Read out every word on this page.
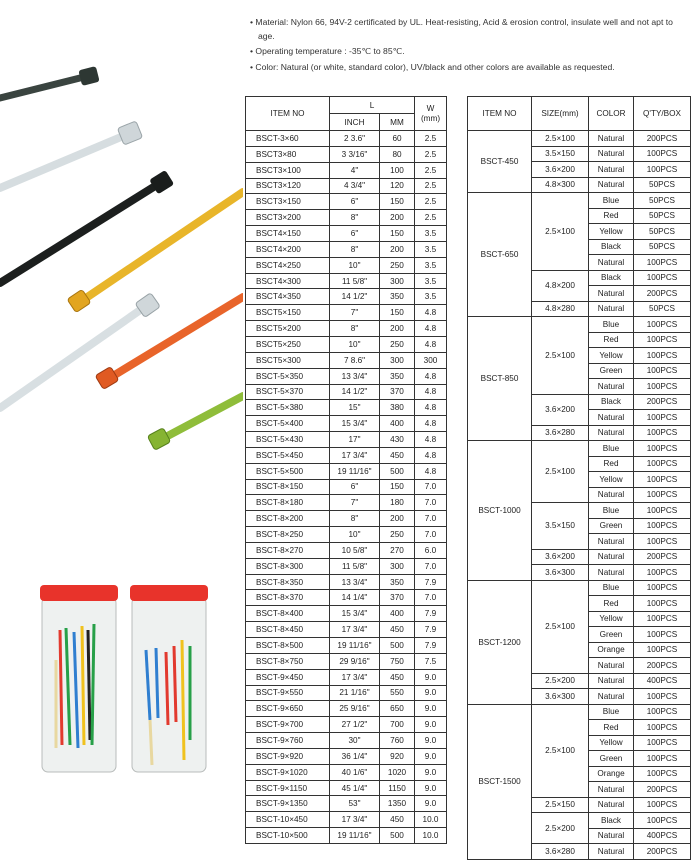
• Material: Nylon 66, 94V-2 certificated by UL. Heat-resisting, Acid & erosion control, insulate well and not apt to age.

• Operating temperature : -35℃ to 85℃.

• Color: Natural (or white, standard color), UV/black and other colors are available as requested.

ITEM NO	L		W
(mm)
	INCH	MM	
BSCT-3×60	2 3.6"	60	2.5
BSCT3×80	3 3/16"	80	2.5
BSCT3×100	4"	100	2.5
BSCT3×120	4 3/4"	120	2.5
BSCT3×150	6"	150	2.5
BSCT3×200	8"	200	2.5
BSCT4×150	6"	150	3.5
BSCT4×200	8"	200	3.5
BSCT4×250	10"	250	3.5
BSCT4×300	11 5/8"	300	3.5
BSCT4×350	14 1/2"	350	3.5
BSCT5×150	7"	150	4.8
BSCT5×200	8"	200	4.8
BSCT5×250	10"	250	4.8
BSCT5×300	7 8.6"	300	300
BSCT-5×350	13 3/4"	350	4.8
BSCT-5×370	14 1/2"	370	4.8
BSCT-5×380	15"	380	4.8
BSCT-5×400	15 3/4"	400	4.8
BSCT-5×430	17"	430	4.8
BSCT-5×450	17 3/4"	450	4.8
BSCT-5×500	19 11/16"	500	4.8
BSCT-8×150	6"	150	7.0
BSCT-8×180	7"	180	7.0
BSCT-8×200	8"	200	7.0
BSCT-8×250	10"	250	7.0
BSCT-8×270	10 5/8"	270	6.0
BSCT-8×300	11 5/8"	300	7.0
BSCT-8×350	13 3/4"	350	7.9
BSCT-8×370	14 1/4"	370	7.0
BSCT-8×400	15 3/4"	400	7.9
BSCT-8×450	17 3/4"	450	7.9
BSCT-8×500	19 11/16"	500	7.9
BSCT-8×750	29 9/16"	750	7.5
BSCT-9×450	17 3/4"	450	9.0
BSCT-9×550	21 1/16"	550	9.0
BSCT-9×650	25 9/16"	650	9.0
BSCT-9×700	27 1/2"	700	9.0
BSCT-9×760	30"	760	9.0
BSCT-9×920	36 1/4"	920	9.0
BSCT-9×1020	40 1/6"	1020	9.0
BSCT-9×1150	45 1/4"	1150	9.0
BSCT-9×1350	53"	1350	9.0
BSCT-10×450	17 3/4"	450	10.0
BSCT-10×500	19 11/16"	500	10.0
ITEM NO	SIZE(mm)	COLOR	Q'TY/BOX
BSCT-450	2.5×100	Natural	200PCS
	3.5×150	Natural	100PCS
	3.6×200	Natural	100PCS
	4.8×300	Natural	50PCS
BSCT-650	2.5×100	Blue	50PCS
		Red	50PCS
		Yellow	50PCS
		Black	50PCS
		Natural	100PCS
	4.8×200	Black	100PCS
		Natural	200PCS
	4.8×280	Natural	50PCS
BSCT-850	2.5×100	Blue	100PCS
		Red	100PCS
		Yellow	100PCS
		Green	100PCS
		Natural	100PCS
	3.6×200	Black	200PCS
		Natural	100PCS
	3.6×280	Natural	100PCS
BSCT-1000	2.5×100	Blue	100PCS
		Red	100PCS
		Yellow	100PCS
		Natural	100PCS
	3.5×150	Blue	100PCS
		Green	100PCS
		Natural	100PCS
	3.6×200	Natural	200PCS
	3.6×300	Natural	100PCS
BSCT-1200	2.5×100	Blue	100PCS
		Red	100PCS
		Yellow	100PCS
		Green	100PCS
		Orange	100PCS
		Natural	200PCS
	2.5×200	Natural	400PCS
	3.6×300	Natural	100PCS
BSCT-1500	2.5×100	Blue	100PCS
		Red	100PCS
		Yellow	100PCS
		Green	100PCS
		Orange	100PCS
		Natural	200PCS
	2.5×150	Natural	100PCS
	2.5×200	Black	100PCS
		Natural	400PCS
	3.6×280	Natural	200PCS
